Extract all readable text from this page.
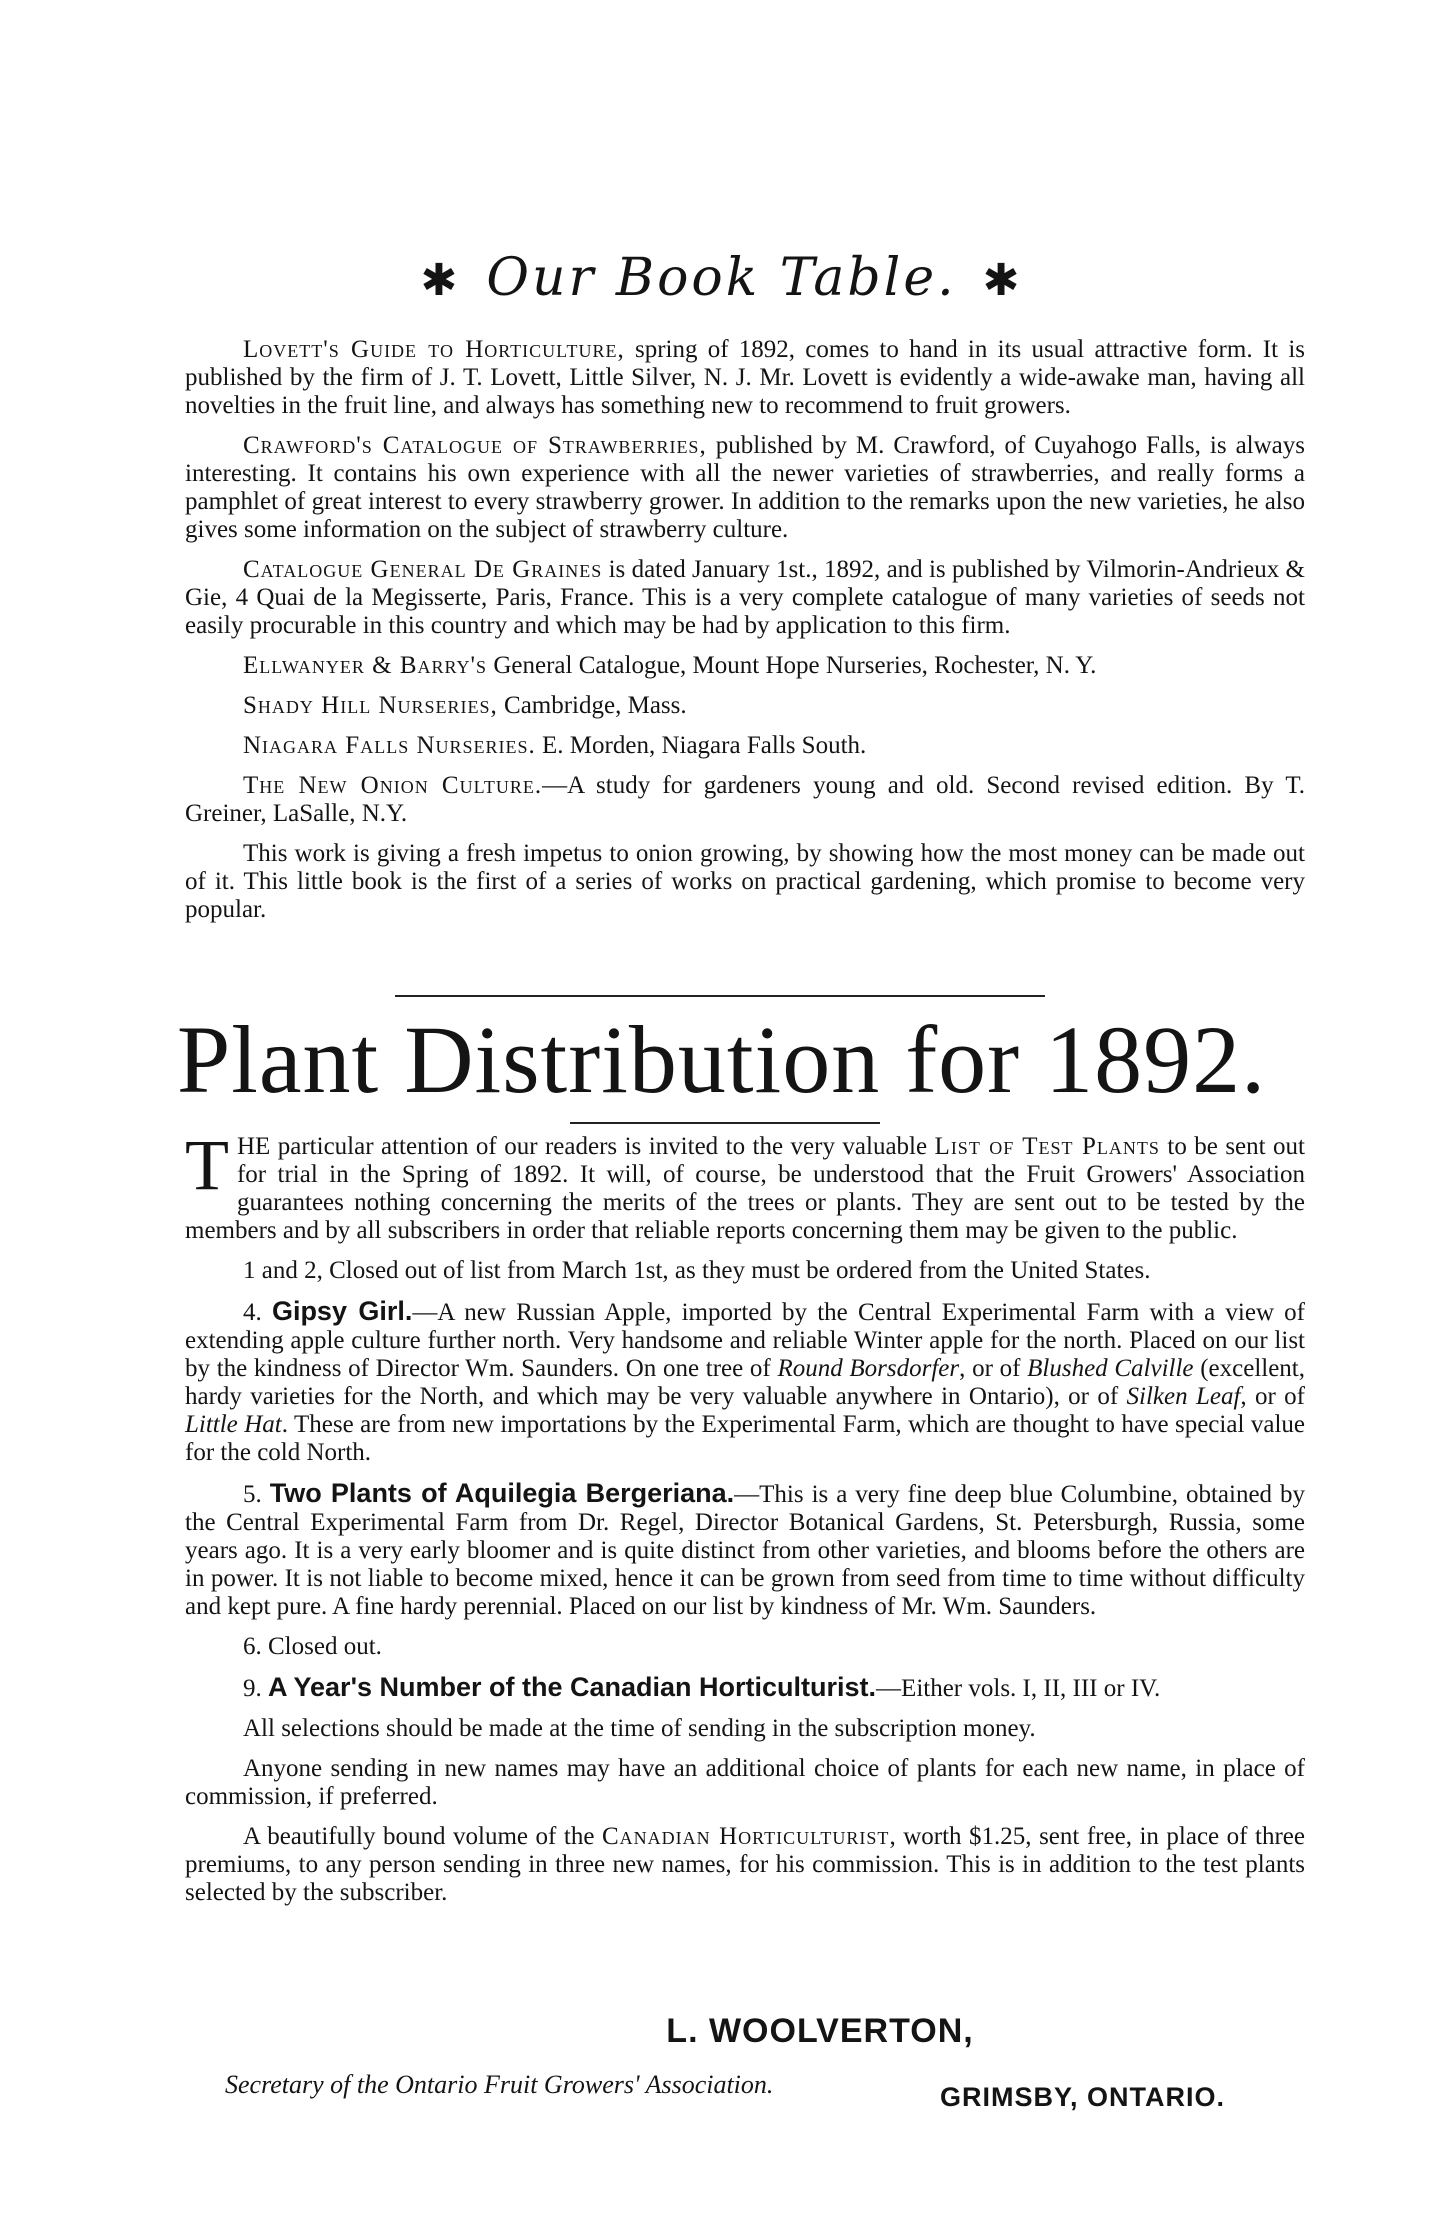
✱ Our Book Table. ✱

Lovett's Guide to Horticulture, spring of 1892, comes to hand in its usual attractive form. It is published by the firm of J. T. Lovett, Little Silver, N. J. Mr. Lovett is evidently a wide-awake man, having all novelties in the fruit line, and always has something new to recommend to fruit growers.

Crawford's Catalogue of Strawberries, published by M. Crawford, of Cuyahogo Falls, is always interesting. It contains his own experience with all the newer varieties of strawberries, and really forms a pamphlet of great interest to every strawberry grower. In addition to the remarks upon the new varieties, he also gives some information on the subject of strawberry culture.

Catalogue General De Graines is dated January 1st., 1892, and is published by Vilmorin-Andrieux & Gie, 4 Quai de la Megisserte, Paris, France. This is a very complete catalogue of many varieties of seeds not easily procurable in this country and which may be had by application to this firm.

Ellwanyer & Barry's General Catalogue, Mount Hope Nurseries, Rochester, N. Y.

Shady Hill Nurseries, Cambridge, Mass.

Niagara Falls Nurseries. E. Morden, Niagara Falls South.

The New Onion Culture.—A study for gardeners young and old. Second revised edition. By T. Greiner, LaSalle, N.Y.

This work is giving a fresh impetus to onion growing, by showing how the most money can be made out of it. This little book is the first of a series of works on practical gardening, which promise to become very popular.

Plant Distribution for 1892.

THE particular attention of our readers is invited to the very valuable List of Test Plants to be sent out for trial in the Spring of 1892. It will, of course, be understood that the Fruit Growers' Association guarantees nothing concerning the merits of the trees or plants. They are sent out to be tested by the members and by all subscribers in order that reliable reports concerning them may be given to the public.

1 and 2, Closed out of list from March 1st, as they must be ordered from the United States.

4. Gipsy Girl.—A new Russian Apple, imported by the Central Experimental Farm with a view of extending apple culture further north. Very handsome and reliable Winter apple for the north. Placed on our list by the kindness of Director Wm. Saunders. On one tree of Round Borsdorfer, or of Blushed Calville (excellent, hardy varieties for the North, and which may be very valuable anywhere in Ontario), or of Silken Leaf, or of Little Hat. These are from new importations by the Experimental Farm, which are thought to have special value for the cold North.

5. Two Plants of Aquilegia Bergeriana.—This is a very fine deep blue Columbine, obtained by the Central Experimental Farm from Dr. Regel, Director Botanical Gardens, St. Petersburgh, Russia, some years ago. It is a very early bloomer and is quite distinct from other varieties, and blooms before the others are in power. It is not liable to become mixed, hence it can be grown from seed from time to time without difficulty and kept pure. A fine hardy perennial. Placed on our list by kindness of Mr. Wm. Saunders.

6. Closed out.

9. A Year's Number of the Canadian Horticulturist.—Either vols. I, II, III or IV.

All selections should be made at the time of sending in the subscription money.

Anyone sending in new names may have an additional choice of plants for each new name, in place of commission, if preferred.

A beautifully bound volume of the Canadian Horticulturist, worth $1.25, sent free, in place of three premiums, to any person sending in three new names, for his commission. This is in addition to the test plants selected by the subscriber.

L. WOOLVERTON,
Secretary of the Ontario Fruit Growers' Association.	GRIMSBY, ONTARIO.
